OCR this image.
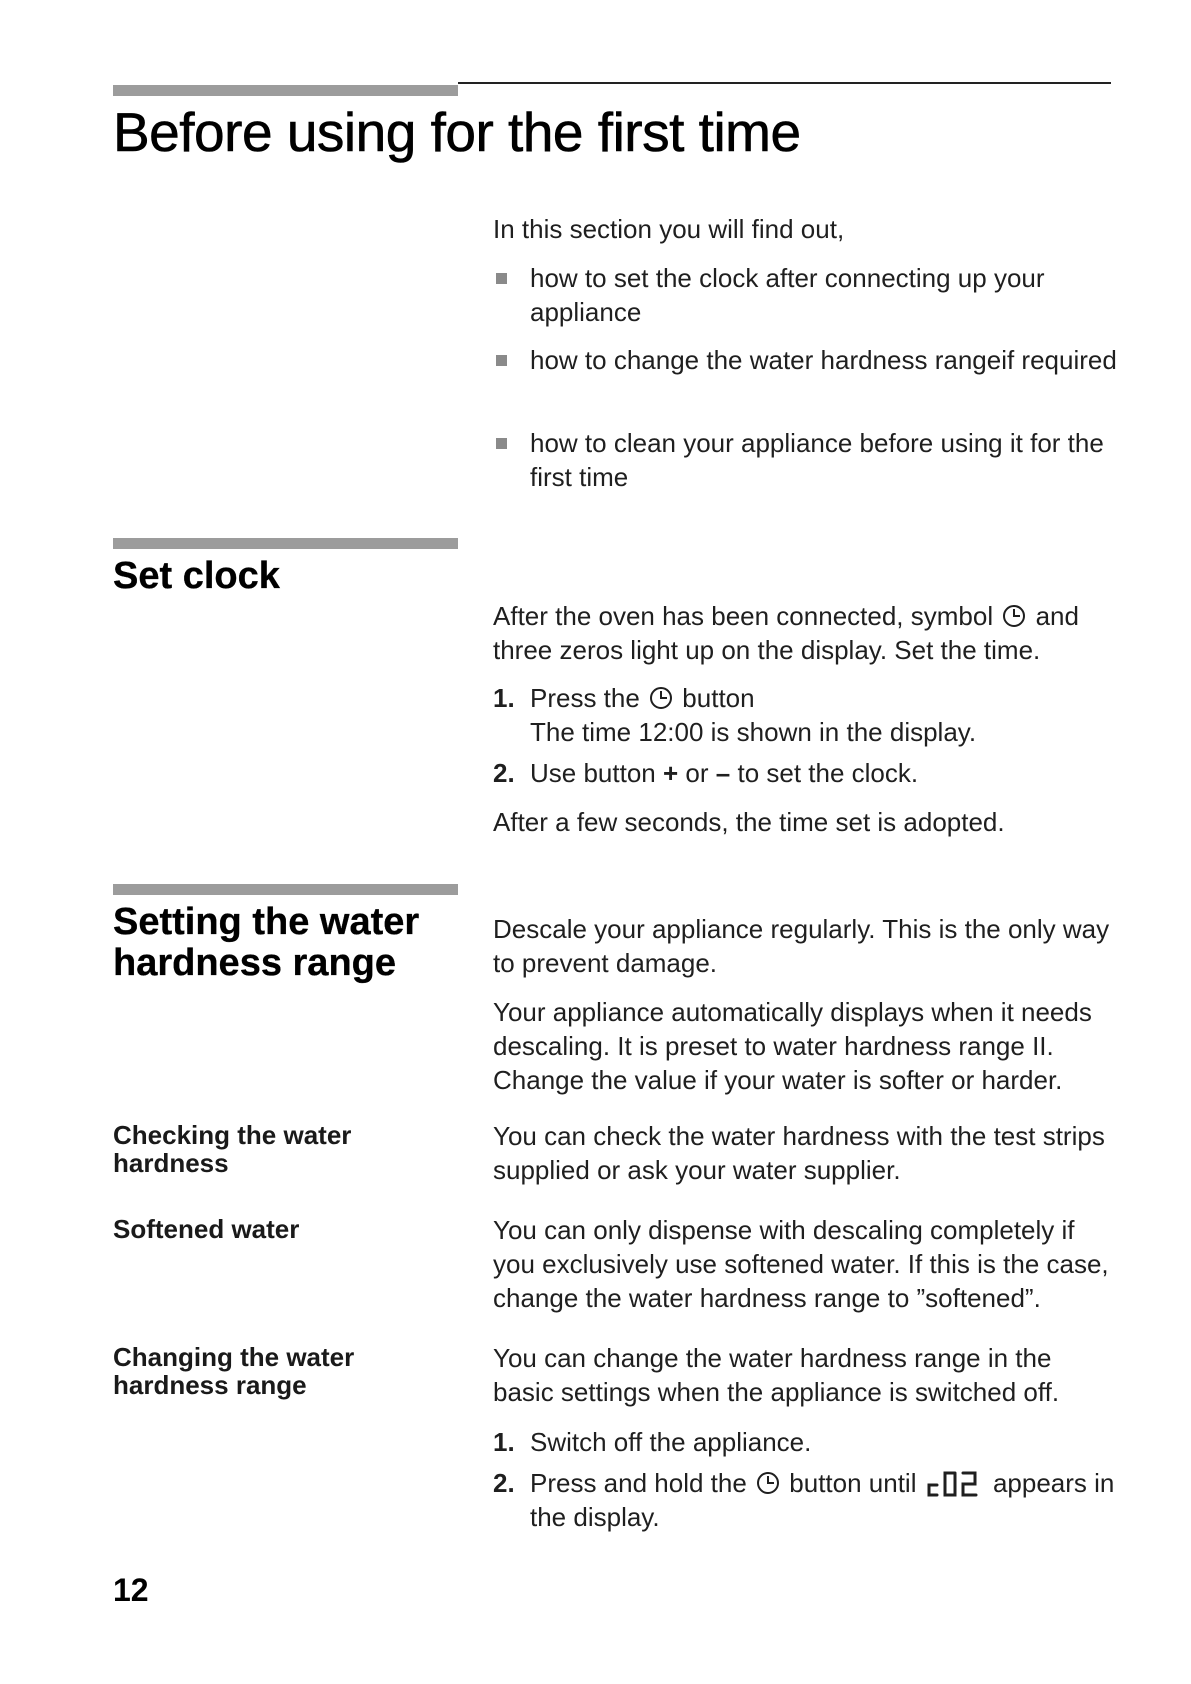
Before using for the first time

In this section you will find out,

how to set the clock after connecting up your appliance
how to change the water hardness rangeif required
how to clean your appliance before using it for the first time
Set clock

After the oven has been connected, symbol and three zeros light up on the display. Set the time.

1. Press the button
The time 12:00 is shown in the display.
2. Use button + or – to set the clock.

After a few seconds, the time set is adopted.

Setting the water hardness range

Descale your appliance regularly. This is the only way to prevent damage.

Your appliance automatically displays when it needs descaling. It is preset to water hardness range II. Change the value if your water is softer or harder.

Checking the water hardness

You can check the water hardness with the test strips supplied or ask your water supplier.

Softened water	You can only dispense with descaling completely if you exclusively use softened water. If this is the case, change the water hardness range to ”softened”.

Changing the water hardness range

You can change the water hardness range in the basic settings when the appliance is switched off.

1. Switch off the appliance.
2. Press and hold the button until	appears in the display.
12
